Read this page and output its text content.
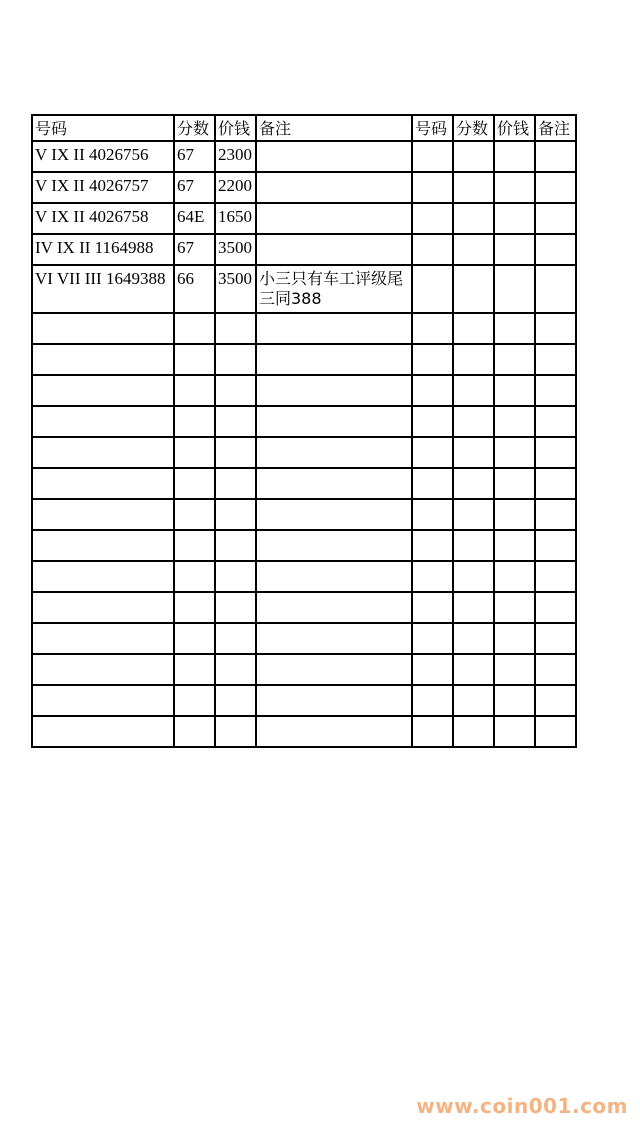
号码	分数	价钱	备注	号码	分数	价钱	备注
V IX II 4026756	67	2300					
V IX II 4026757	67	2200					
V IX II 4026758	64E	1650					
IV IX II 1164988	67	3500					
VI VII III 1649388	66	3500	小三只有车工评级尾三同388				

www.coin001.com
